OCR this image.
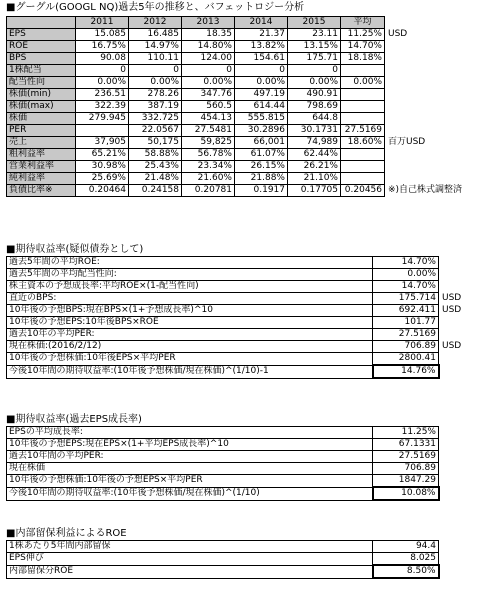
■グーグル(GOOGL NQ)過去5年の推移と、バフェットロジー分析
	2011	2012	2013	2014	2015	平均	
EPS	15.085	16.485	18.35	21.37	23.11	11.25%	USD
ROE	16.75%	14.97%	14.80%	13.82%	13.15%	14.70%	
BPS	90.08	110.11	124.00	154.61	175.71	18.18%	
1株配当	0	0	0	0	0		
配当性向	0.00%	0.00%	0.00%	0.00%	0.00%	0.00%	
株価(min)	236.51	278.26	347.76	497.19	490.91		
株価(max)	322.39	387.19	560.5	614.44	798.69		
株価	279.945	332.725	454.13	555.815	644.8		
PER		22.0567	27.5481	30.2896	30.1731	27.5169	
売上	37,905	50,175	59,825	66,001	74,989	18.60%	百万USD
粗利益率	65.21%	58.88%	56.78%	61.07%	62.44%		
営業利益率	30.98%	25.43%	23.34%	26.15%	26.21%		
純利益率	25.69%	21.48%	21.60%	21.88%	21.10%		
負債比率※	0.20464	0.24158	0.20781	0.1917	0.17705	0.20456	※)自己株式調整済
■期待収益率(疑似債券として)
過去5年間の平均ROE:	14.70%	
過去5年間の平均配当性向:	0.00%	
株主資本の予想成長率:平均ROE×(1-配当性向)	14.70%	
直近のBPS:	175.714	USD
10年後の予想BPS:現在BPS×(1+予想成長率)^10	692.411	USD
10年後の予想EPS:10年後BPS×ROE	101.77	
過去10年の平均PER:	27.5169	
現在株価:(2016/2/12)	706.89	USD
10年後の予想株価:10年後EPS×平均PER	2800.41	
今後10年間の期待収益率:(10年後予想株価/現在株価)^(1/10)-1	14.76%	
■期待収益率(過去EPS成長率)
EPSの平均成長率:	11.25%
10年後の予想EPS:現在EPS×(1+平均EPS成長率)^10	67.1331
過去10年間の平均PER:	27.5169
現在株価	706.89
10年後の予想株価:10年後の予想EPS×平均PER	1847.29
今後10年間の期待収益率:(10年後予想株価/現在株価)^(1/10)	10.08%
■内部留保利益によるROE
1株あたり5年間内部留保	94.4
EPS伸び	8.025
内部留保分ROE	8.50%
